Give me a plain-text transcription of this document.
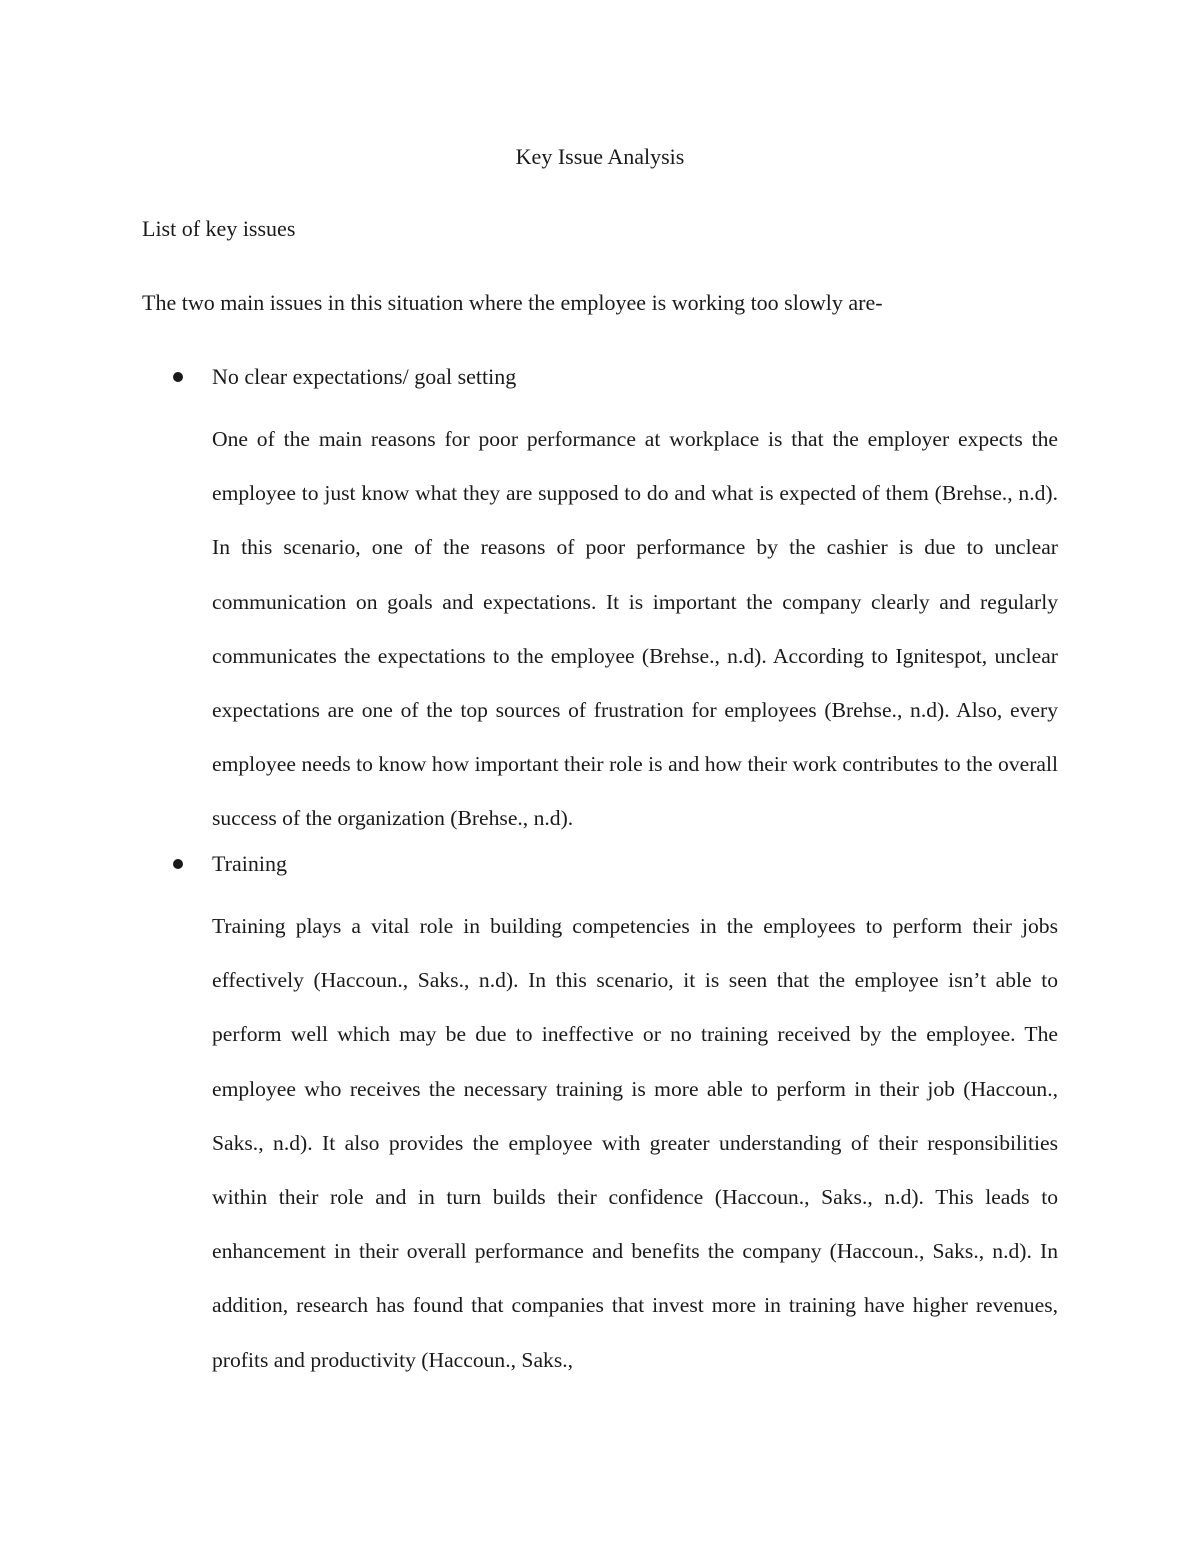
Key Issue Analysis

List of key issues

The two main issues in this situation where the employee is working too slowly are-

No clear expectations/ goal setting

One of the main reasons for poor performance at workplace is that the employer expects the employee to just know what they are supposed to do and what is expected of them (Brehse., n.d). In this scenario, one of the reasons of poor performance by the cashier is due to unclear communication on goals and expectations. It is important the company clearly and regularly communicates the expectations to the employee (Brehse., n.d). According to Ignitespot, unclear expectations are one of the top sources of frustration for employees (Brehse., n.d). Also, every employee needs to know how important their role is and how their work contributes to the overall success of the organization (Brehse., n.d).

Training

Training plays a vital role in building competencies in the employees to perform their jobs effectively (Haccoun., Saks., n.d). In this scenario, it is seen that the employee isn’t able to perform well which may be due to ineffective or no training received by the employee. The employee who receives the necessary training is more able to perform in their job (Haccoun., Saks., n.d). It also provides the employee with greater understanding of their responsibilities within their role and in turn builds their confidence (Haccoun., Saks., n.d). This leads to enhancement in their overall performance and benefits the company (Haccoun., Saks., n.d). In addition, research has found that companies that invest more in training have higher revenues, profits and productivity (Haccoun., Saks.,
